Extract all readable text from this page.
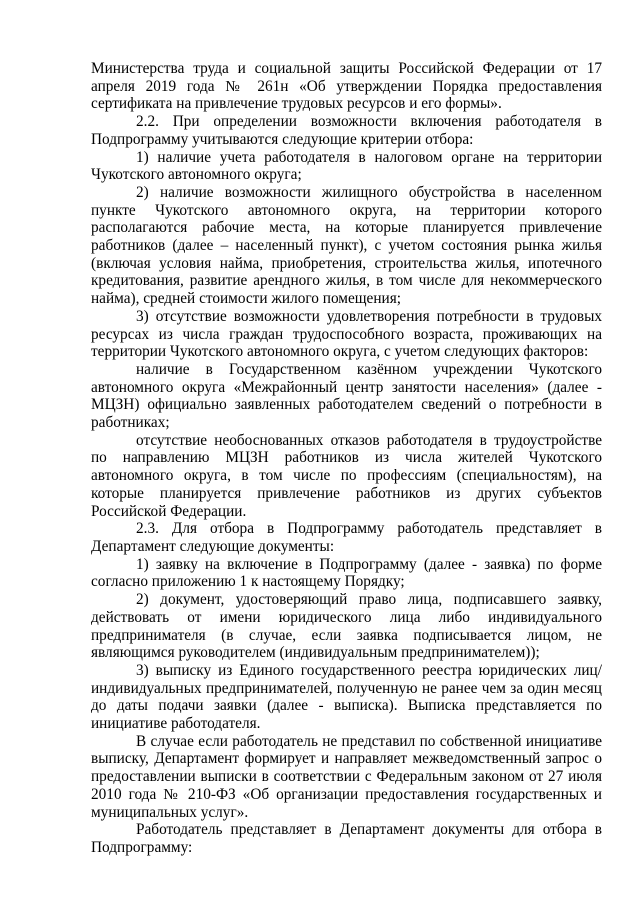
Министерства труда и социальной защиты Российской Федерации от 17 апреля 2019 года № 261н «Об утверждении Порядка предоставления сертификата на привлечение трудовых ресурсов и его формы».

2.2. При определении возможности включения работодателя в Подпрограмму учитываются следующие критерии отбора:

1) наличие учета работодателя в налоговом органе на территории Чукотского автономного округа;

2) наличие возможности жилищного обустройства в населенном пункте Чукотского автономного округа, на территории которого располагаются рабочие места, на которые планируется привлечение работников (далее – населенный пункт), с учетом состояния рынка жилья (включая условия найма, приобретения, строительства жилья, ипотечного кредитования, развитие арендного жилья, в том числе для некоммерческого найма), средней стоимости жилого помещения;

3) отсутствие возможности удовлетворения потребности в трудовых ресурсах из числа граждан трудоспособного возраста, проживающих на территории Чукотского автономного округа, с учетом следующих факторов:

наличие в Государственном казённом учреждении Чукотского автономного округа «Межрайонный центр занятости населения» (далее - МЦЗН) официально заявленных работодателем сведений о потребности в работниках;

отсутствие необоснованных отказов работодателя в трудоустройстве по направлению МЦЗН работников из числа жителей Чукотского автономного округа, в том числе по профессиям (специальностям), на которые планируется привлечение работников из других субъектов Российской Федерации.

2.3. Для отбора в Подпрограмму работодатель представляет в Департамент следующие документы:

1) заявку на включение в Подпрограмму (далее - заявка) по форме согласно приложению 1 к настоящему Порядку;

2) документ, удостоверяющий право лица, подписавшего заявку, действовать от имени юридического лица либо индивидуального предпринимателя (в случае, если заявка подписывается лицом, не являющимся руководителем (индивидуальным предпринимателем));

3) выписку из Единого государственного реестра юридических лиц/индивидуальных предпринимателей, полученную не ранее чем за один месяц до даты подачи заявки (далее - выписка). Выписка представляется по инициативе работодателя.

В случае если работодатель не представил по собственной инициативе выписку, Департамент формирует и направляет межведомственный запрос о предоставлении выписки в соответствии с Федеральным законом от 27 июля 2010 года № 210-ФЗ «Об организации предоставления государственных и муниципальных услуг».

Работодатель представляет в Департамент документы для отбора в Подпрограмму:
